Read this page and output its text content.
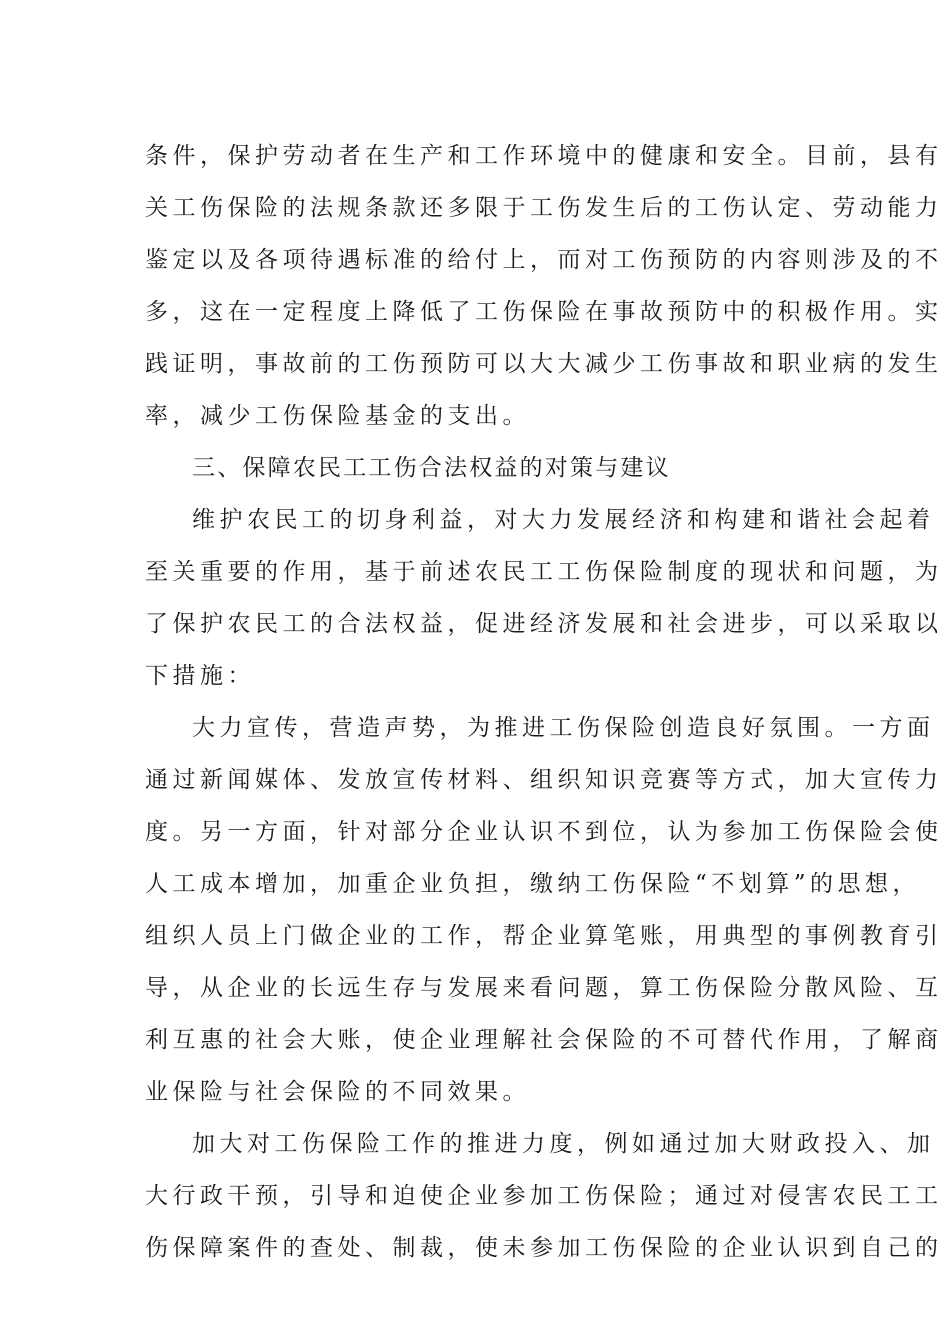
条件，保护劳动者在生产和工作环境中的健康和安全。目前，县有
关工伤保险的法规条款还多限于工伤发生后的工伤认定、劳动能力
鉴定以及各项待遇标准的给付上，而对工伤预防的内容则涉及的不
多，这在一定程度上降低了工伤保险在事故预防中的积极作用。实
践证明，事故前的工伤预防可以大大减少工伤事故和职业病的发生
率，减少工伤保险基金的支出。
三、保障农民工工伤合法权益的对策与建议
维护农民工的切身利益，对大力发展经济和构建和谐社会起着
至关重要的作用，基于前述农民工工伤保险制度的现状和问题，为
了保护农民工的合法权益，促进经济发展和社会进步，可以采取以
下措施：
大力宣传，营造声势，为推进工伤保险创造良好氛围。一方面
通过新闻媒体、发放宣传材料、组织知识竞赛等方式，加大宣传力
度。另一方面，针对部分企业认识不到位，认为参加工伤保险会使
人工成本增加，加重企业负担，缴纳工伤保险“不划算”的思想，
组织人员上门做企业的工作，帮企业算笔账，用典型的事例教育引
导，从企业的长远生存与发展来看问题，算工伤保险分散风险、互
利互惠的社会大账，使企业理解社会保险的不可替代作用，了解商
业保险与社会保险的不同效果。
加大对工伤保险工作的推进力度，例如通过加大财政投入、加
大行政干预，引导和迫使企业参加工伤保险；通过对侵害农民工工
伤保障案件的查处、制裁，使未参加工伤保险的企业认识到自己的
